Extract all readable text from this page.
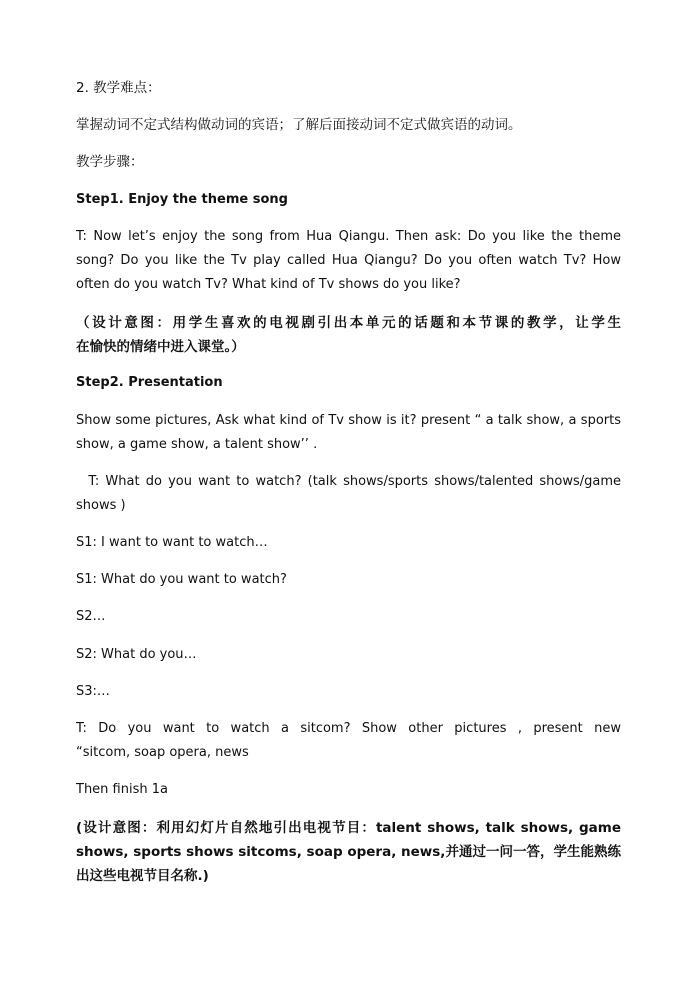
2. 教学难点：
掌握动词不定式结构做动词的宾语；了解后面接动词不定式做宾语的动词。
教学步骤：
Step1. Enjoy the theme song
T: Now let’s enjoy the song from Hua Qiangu. Then ask: Do you like the theme
song? Do you like the Tv play called Hua Qiangu? Do you often watch Tv? How
often do you watch Tv? What kind of Tv shows do you like?
（设计意图：用学生喜欢的电视剧引出本单元的话题和本节课的教学，让学生
在愉快的情绪中进入课堂。）
Step2. Presentation
Show some pictures, Ask what kind of Tv show is it? present “ a talk show, a sports
show, a game show, a talent show’’ .
T: What do you want to watch? (talk shows/sports shows/talented shows/game
shows )
S1: I want to want to watch…
S1: What do you want to watch?
S2…
S2: What do you…
S3:…
T:  Do  you  want  to  watch  a  sitcom?  Show  other  pictures  ,  present  new
“sitcom, soap opera, news
Then finish 1a
(设计意图：利用幻灯片自然地引出电视节目：talent shows, talk shows, game
shows, sports shows sitcoms, soap opera, news,并通过一问一答，学生能熟练
出这些电视节目名称.)
